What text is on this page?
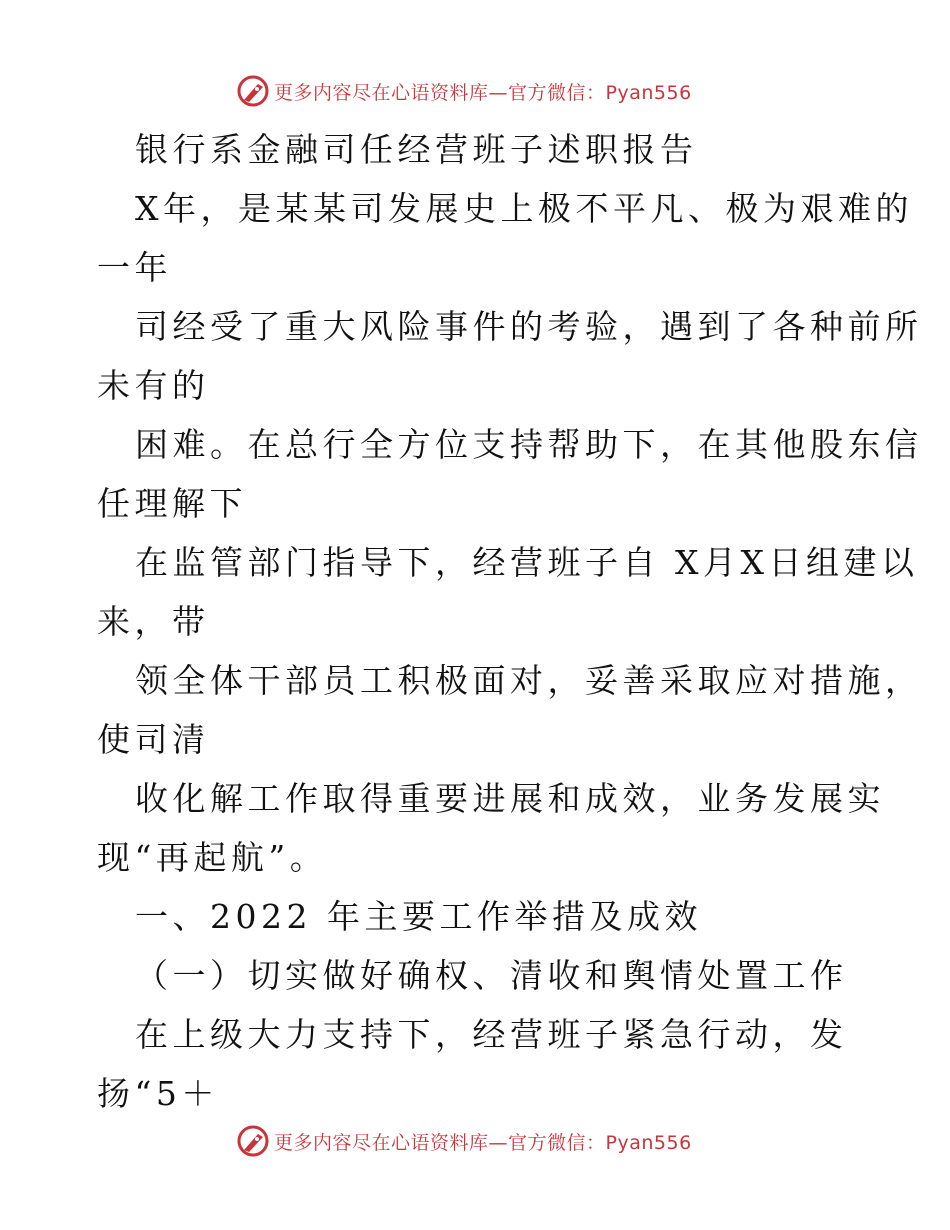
更多内容尽在心语资料库—官方微信：Pyan556
银行系金融司任经营班子述职报告
X年，是某某司发展史上极不平凡、极为艰难的
一年
司经受了重大风险事件的考验，遇到了各种前所
未有的
困难。在总行全方位支持帮助下，在其他股东信
任理解下
在监管部门指导下，经营班子自 X月X日组建以
来，带
领全体干部员工积极面对，妥善采取应对措施，
使司清
收化解工作取得重要进展和成效，业务发展实
现“再起航”。
一、2022 年主要工作举措及成效
（一）切实做好确权、清收和舆情处置工作
在上级大力支持下，经营班子紧急行动，发
扬“5＋
更多内容尽在心语资料库—官方微信：Pyan556
